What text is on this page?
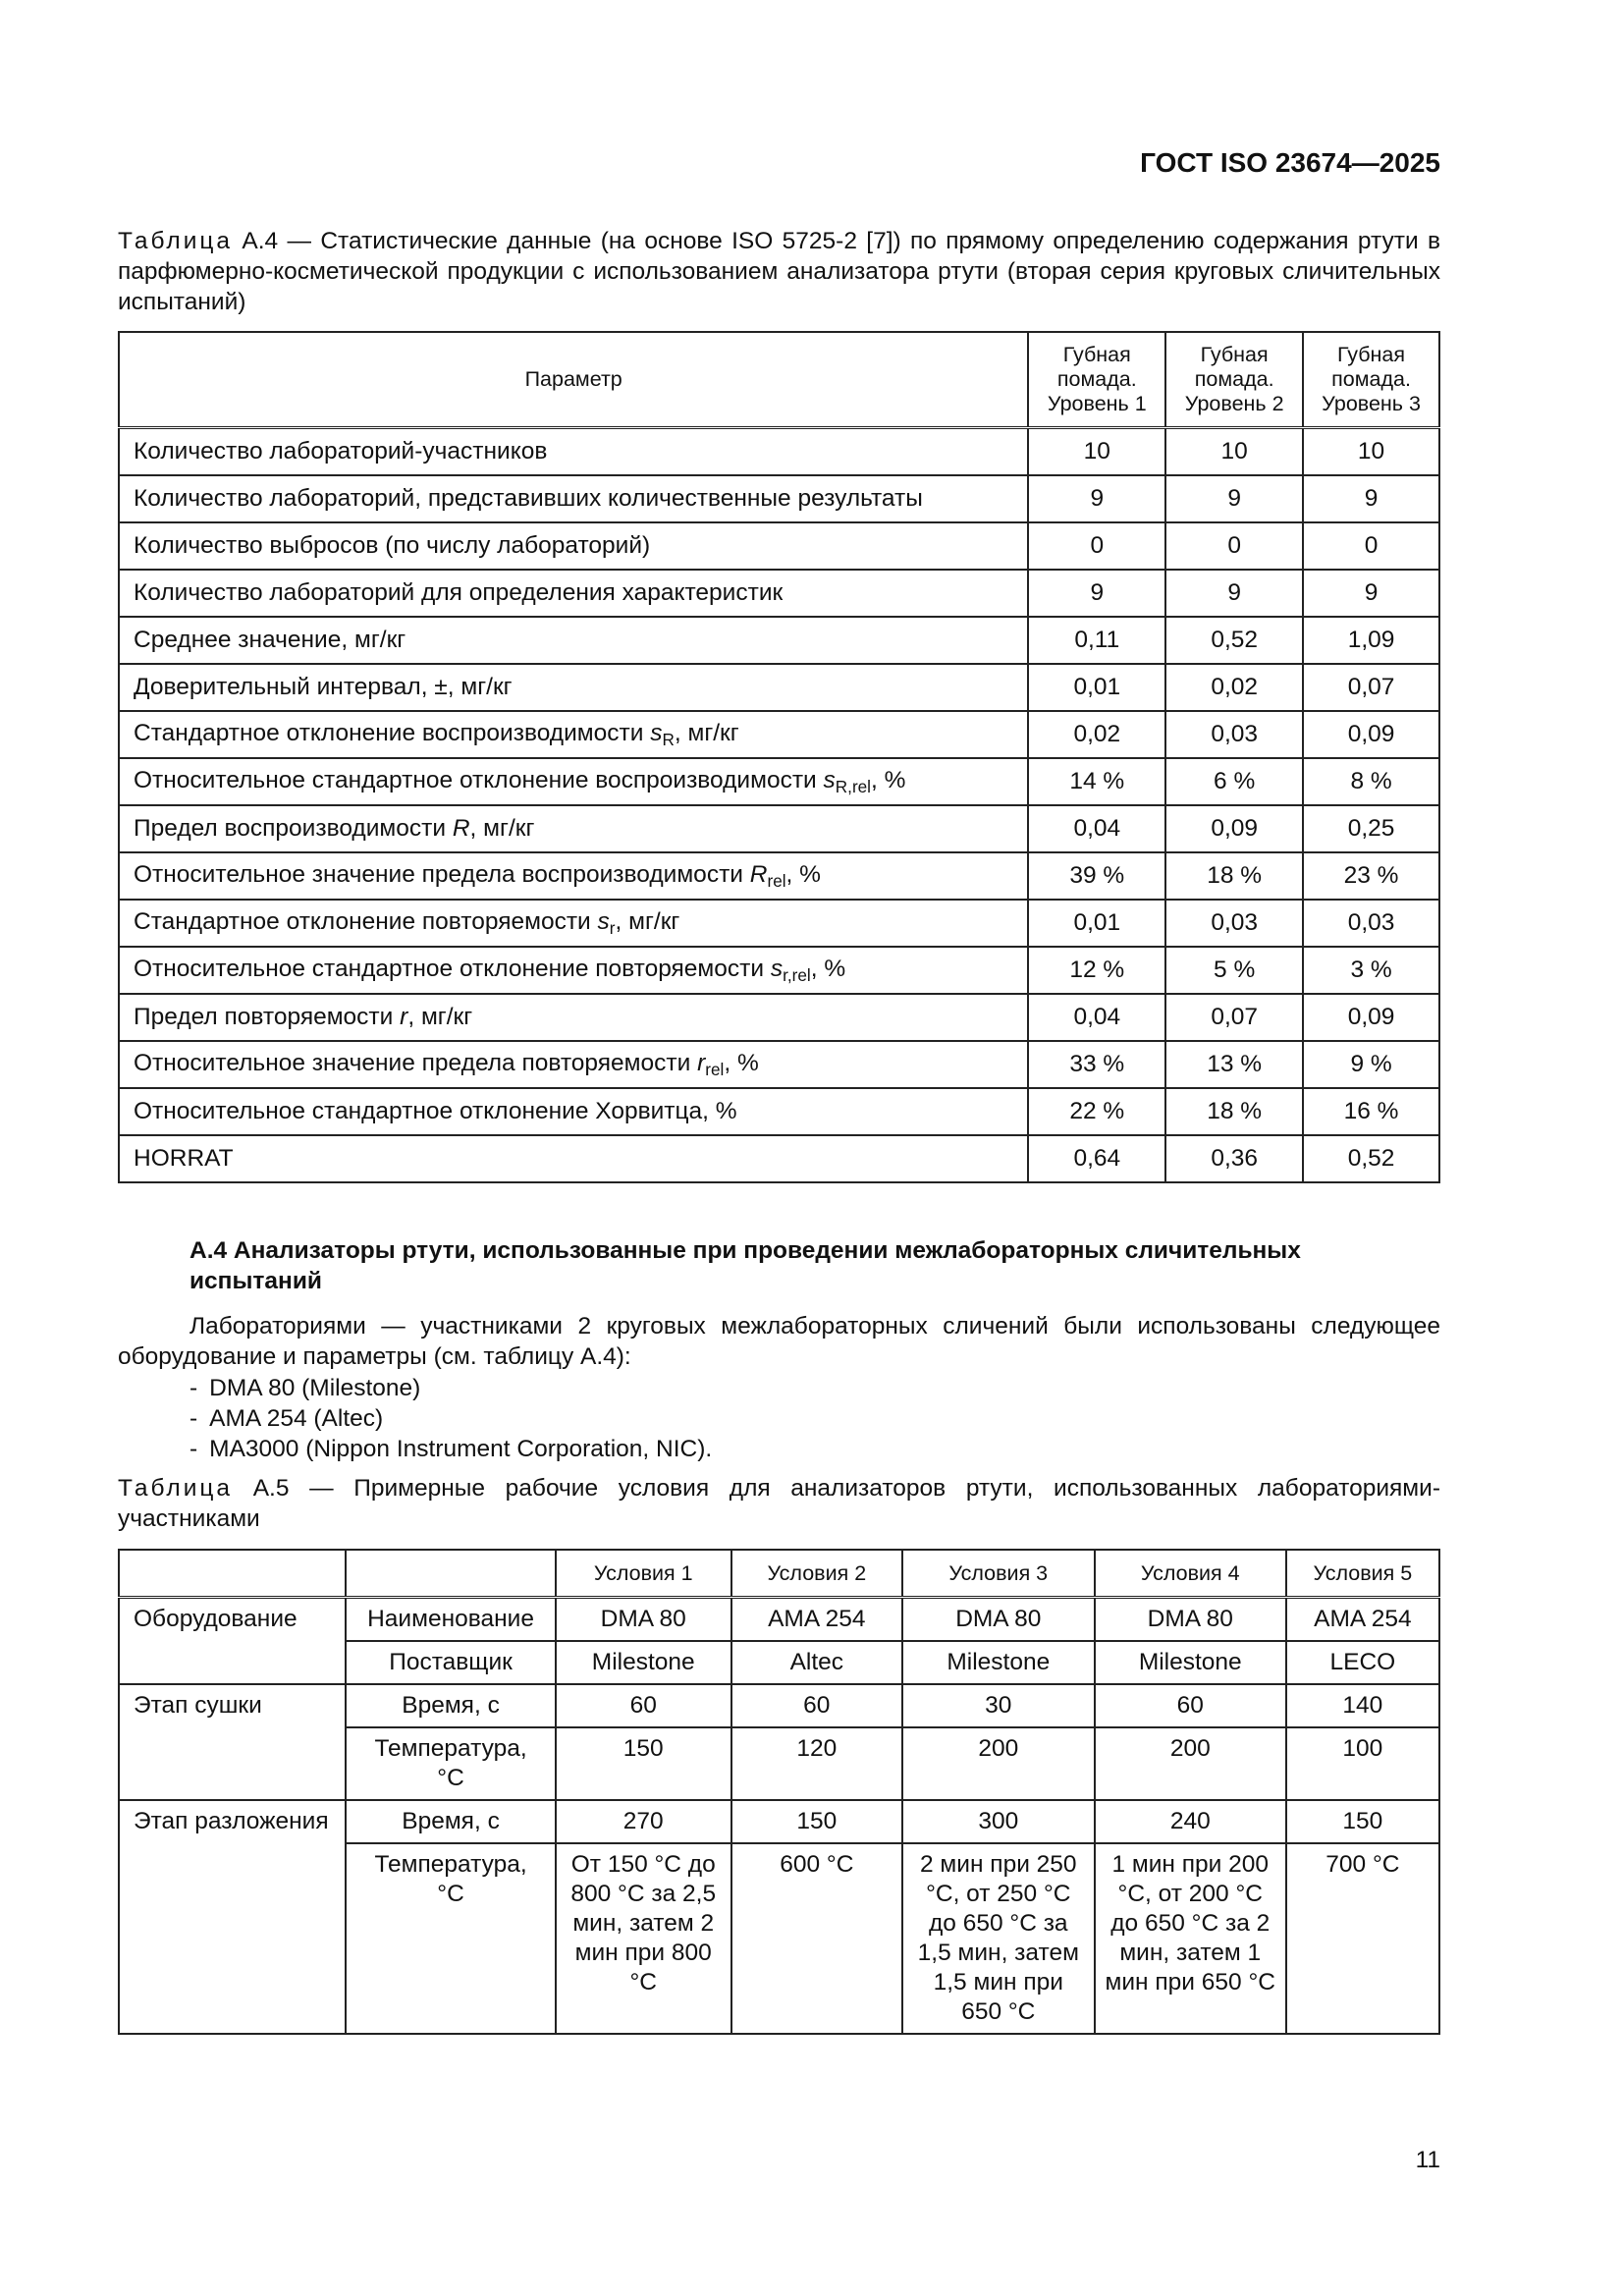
ГОСТ ISO 23674—2025
Таблица А.4 — Статистические данные (на основе ISO 5725-2 [7]) по прямому определению содержания ртути в парфюмерно-косметической продукции с использованием анализатора ртути (вторая серия круговых сличительных испытаний)
Параметр	Губная помада. Уровень 1	Губная помада. Уровень 2	Губная помада. Уровень 3
Количество лабораторий-участников	10	10	10
Количество лабораторий, представивших количественные результаты	9	9	9
Количество выбросов (по числу лабораторий)	0	0	0
Количество лабораторий для определения характеристик	9	9	9
Среднее значение, мг/кг	0,11	0,52	1,09
Доверительный интервал, ±, мг/кг	0,01	0,02	0,07
Стандартное отклонение воспроизводимости $s_R$, мг/кг	0,02	0,03	0,09
Относительное стандартное отклонение воспроизводимости $s_{R,rel}$, %	14 %	6 %	8 %
Предел воспроизводимости R, мг/кг	0,04	0,09	0,25
Относительное значение предела воспроизводимости $R_{rel}$, %	39 %	18 %	23 %
Стандартное отклонение повторяемости $s_r$, мг/кг	0,01	0,03	0,03
Относительное стандартное отклонение повторяемости $s_{r,rel}$, %	12 %	5 %	3 %
Предел повторяемости r, мг/кг	0,04	0,07	0,09
Относительное значение предела повторяемости $r_{rel}$, %	33 %	13 %	9 %
Относительное стандартное отклонение Хорвитца, %	22 %	18 %	16 %
HORRAT	0,64	0,36	0,52
А.4 Анализаторы ртути, использованные при проведении межлабораторных сличительных испытаний
Лабораториями — участниками 2 круговых межлабораторных сличений были использованы следующее оборудование и параметры (см. таблицу А.4):
- DMA 80 (Milestone)
- AMA 254 (Altec)
- MA3000 (Nippon Instrument Corporation, NIC).
Таблица А.5 — Примерные рабочие условия для анализаторов ртути, использованных лабораториями-участниками
		Условия 1	Условия 2	Условия 3	Условия 4	Условия 5
Оборудование	Наименование	DMA 80	AMA 254	DMA 80	DMA 80	AMA 254
	Поставщик	Milestone	Altec	Milestone	Milestone	LECO
Этап сушки	Время, с	60	60	30	60	140
	Температура, °С	150	120	200	200	100
Этап разложения	Время, с	270	150	300	240	150
	Температура, °С	От 150 °С до 800 °С за 2,5 мин, затем 2 мин при 800 °С	600 °С	2 мин при 250 °С, от 250 °С до 650 °С за 1,5 мин, затем 1,5 мин при 650 °С	1 мин при 200 °С, от 200 °С до 650 °С за 2 мин, затем 1 мин при 650 °С	700 °С
11
